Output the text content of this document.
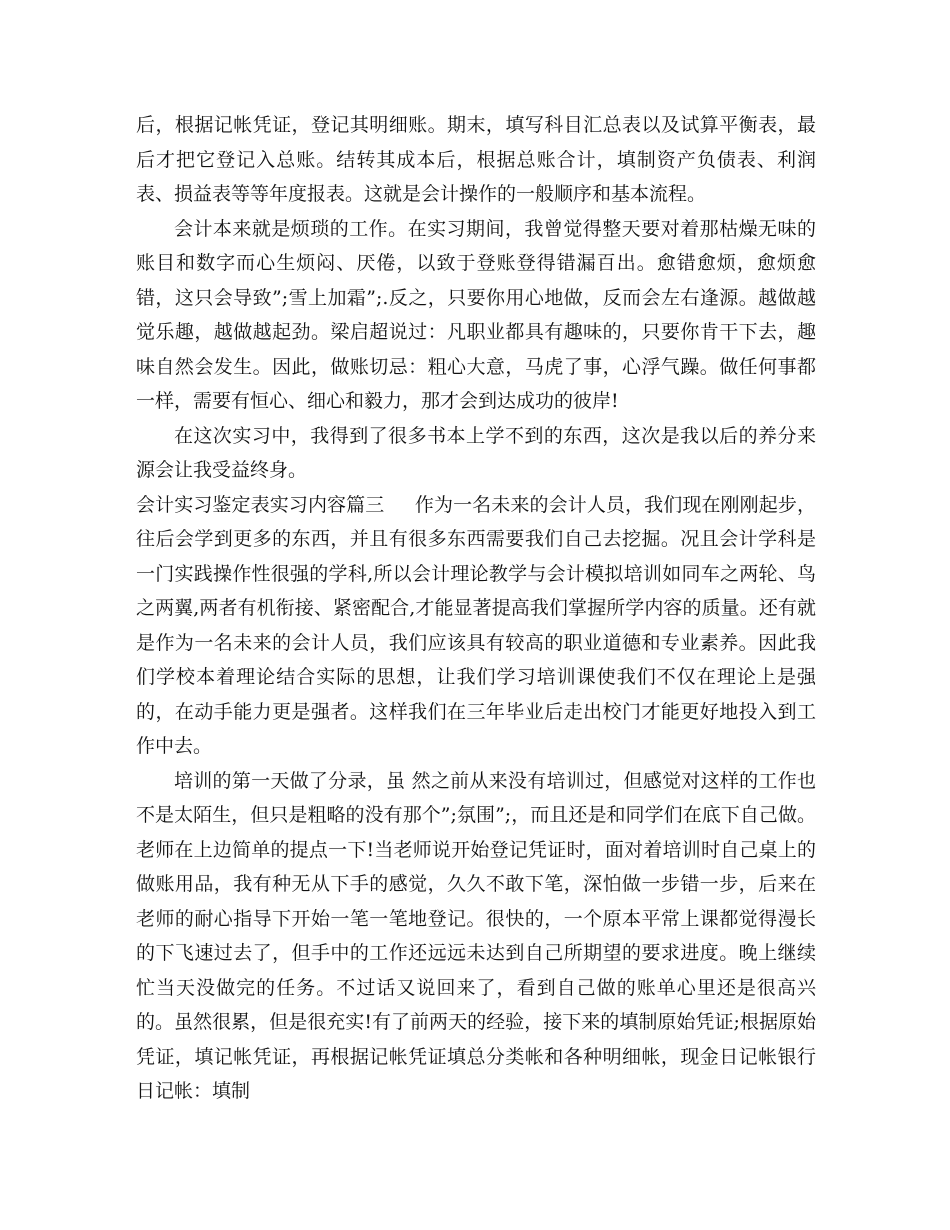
后，根据记帐凭证，登记其明细账。期末，填写科目汇总表以及试算平衡表，最后才把它登记入总账。结转其成本后，根据总账合计，填制资产负债表、利润表、损益表等等年度报表。这就是会计操作的一般顺序和基本流程。

会计本来就是烦琐的工作。在实习期间，我曾觉得整天要对着那枯燥无味的账目和数字而心生烦闷、厌倦，以致于登账登得错漏百出。愈错愈烦，愈烦愈错，这只会导致”;雪上加霜”;.反之，只要你用心地做，反而会左右逢源。越做越觉乐趣，越做越起劲。梁启超说过：凡职业都具有趣味的，只要你肯干下去，趣味自然会发生。因此，做账切忌：粗心大意，马虎了事，心浮气躁。做任何事都一样，需要有恒心、细心和毅力，那才会到达成功的彼岸!

在这次实习中，我得到了很多书本上学不到的东西，这次是我以后的养分来源会让我受益终身。

会计实习鉴定表实习内容篇三 作为一名未来的会计人员，我们现在刚刚起步，往后会学到更多的东西，并且有很多东西需要我们自己去挖掘。况且会计学科是一门实践操作性很强的学科,所以会计理论教学与会计模拟培训如同车之两轮、鸟之两翼,两者有机衔接、紧密配合,才能显著提高我们掌握所学内容的质量。还有就是作为一名未来的会计人员，我们应该具有较高的职业道德和专业素养。因此我们学校本着理论结合实际的思想，让我们学习培训课使我们不仅在理论上是强的，在动手能力更是强者。这样我们在三年毕业后走出校门才能更好地投入到工作中去。

培训的第一天做了分录，虽 然之前从来没有培训过，但感觉对这样的工作也不是太陌生，但只是粗略的没有那个”;氛围”;，而且还是和同学们在底下自己做。老师在上边简单的提点一下!当老师说开始登记凭证时，面对着培训时自己桌上的做账用品，我有种无从下手的感觉，久久不敢下笔，深怕做一步错一步，后来在老师的耐心指导下开始一笔一笔地登记。很快的，一个原本平常上课都觉得漫长的下飞速过去了，但手中的工作还远远未达到自己所期望的要求进度。晚上继续忙当天没做完的任务。不过话又说回来了，看到自己做的账单心里还是很高兴的。虽然很累，但是很充实!有了前两天的经验，接下来的填制原始凭证;根据原始凭证，填记帐凭证，再根据记帐凭证填总分类帐和各种明细帐，现金日记帐银行日记帐：填制
